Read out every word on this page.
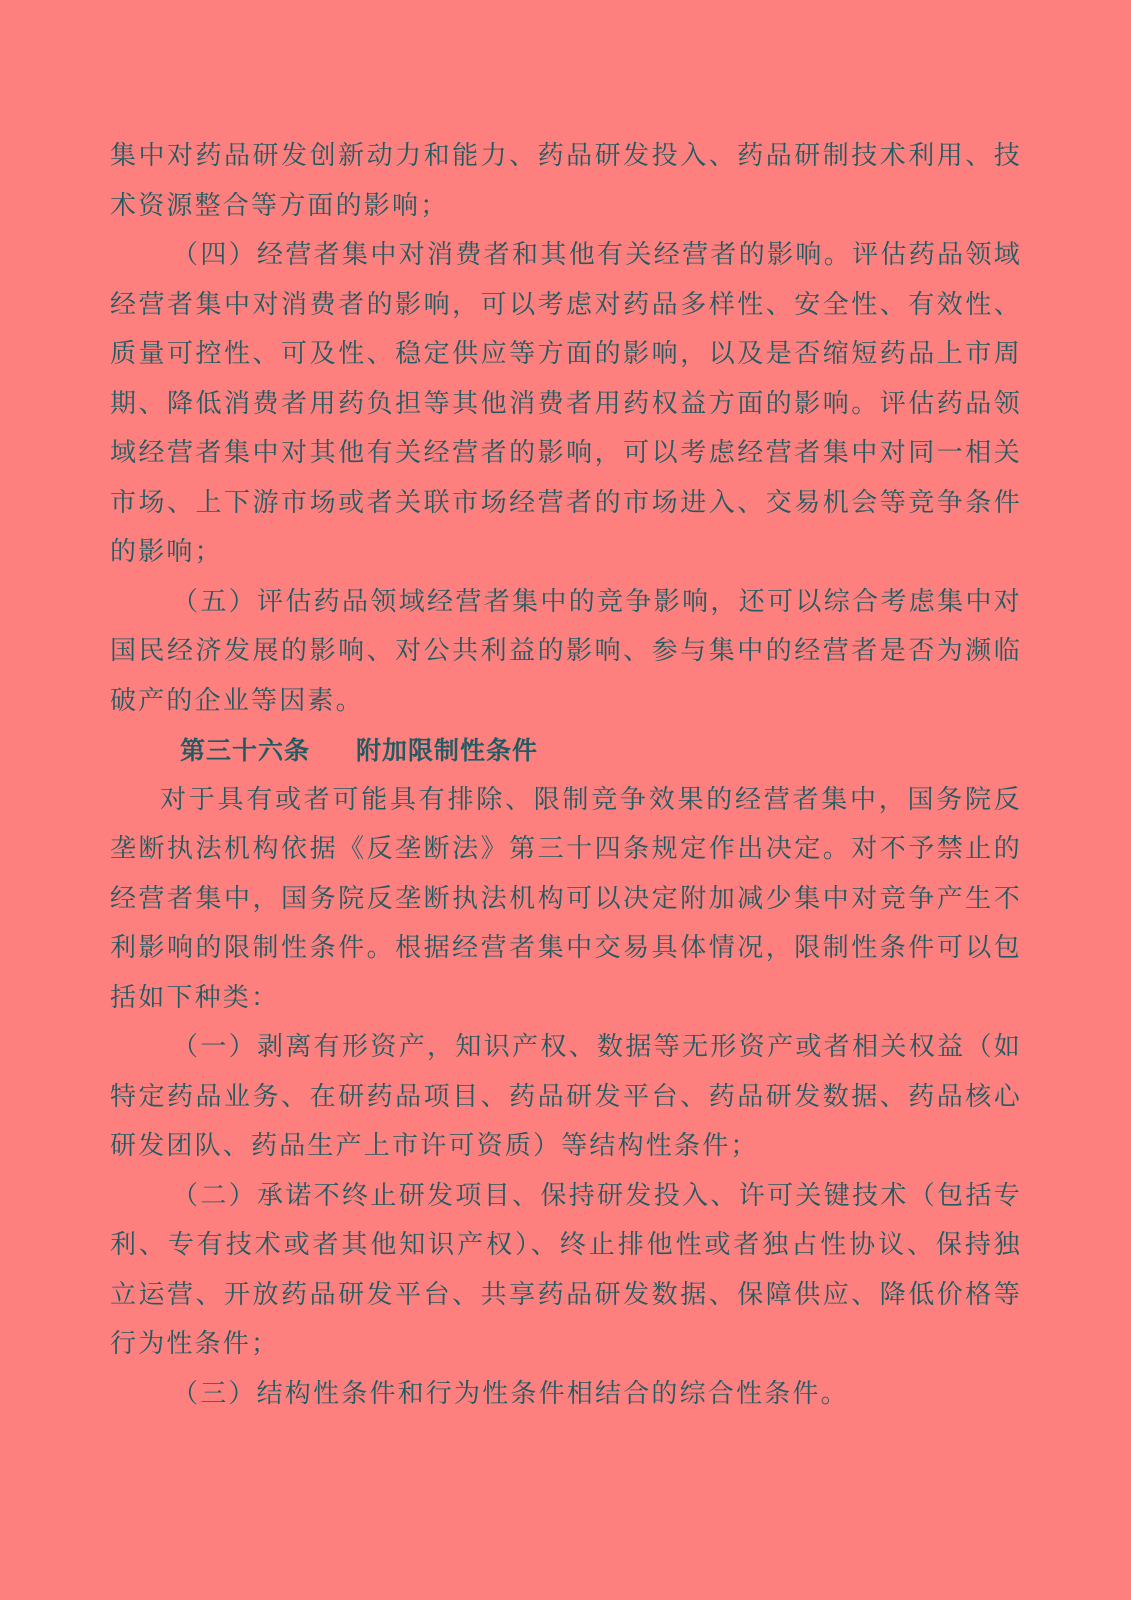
集中对药品研发创新动力和能力、药品研发投入、药品研制技术利用、技术资源整合等方面的影响；

（四）经营者集中对消费者和其他有关经营者的影响。评估药品领域经营者集中对消费者的影响，可以考虑对药品多样性、安全性、有效性、质量可控性、可及性、稳定供应等方面的影响，以及是否缩短药品上市周期、降低消费者用药负担等其他消费者用药权益方面的影响。评估药品领域经营者集中对其他有关经营者的影响，可以考虑经营者集中对同一相关市场、上下游市场或者关联市场经营者的市场进入、交易机会等竞争条件的影响；

（五）评估药品领域经营者集中的竞争影响，还可以综合考虑集中对国民经济发展的影响、对公共利益的影响、参与集中的经营者是否为濒临破产的企业等因素。

第三十六条 附加限制性条件

对于具有或者可能具有排除、限制竞争效果的经营者集中，国务院反垄断执法机构依据《反垄断法》第三十四条规定作出决定。对不予禁止的经营者集中，国务院反垄断执法机构可以决定附加减少集中对竞争产生不利影响的限制性条件。根据经营者集中交易具体情况，限制性条件可以包括如下种类：

（一）剥离有形资产，知识产权、数据等无形资产或者相关权益（如特定药品业务、在研药品项目、药品研发平台、药品研发数据、药品核心研发团队、药品生产上市许可资质）等结构性条件；

（二）承诺不终止研发项目、保持研发投入、许可关键技术（包括专利、专有技术或者其他知识产权）、终止排他性或者独占性协议、保持独立运营、开放药品研发平台、共享药品研发数据、保障供应、降低价格等行为性条件；

（三）结构性条件和行为性条件相结合的综合性条件。
